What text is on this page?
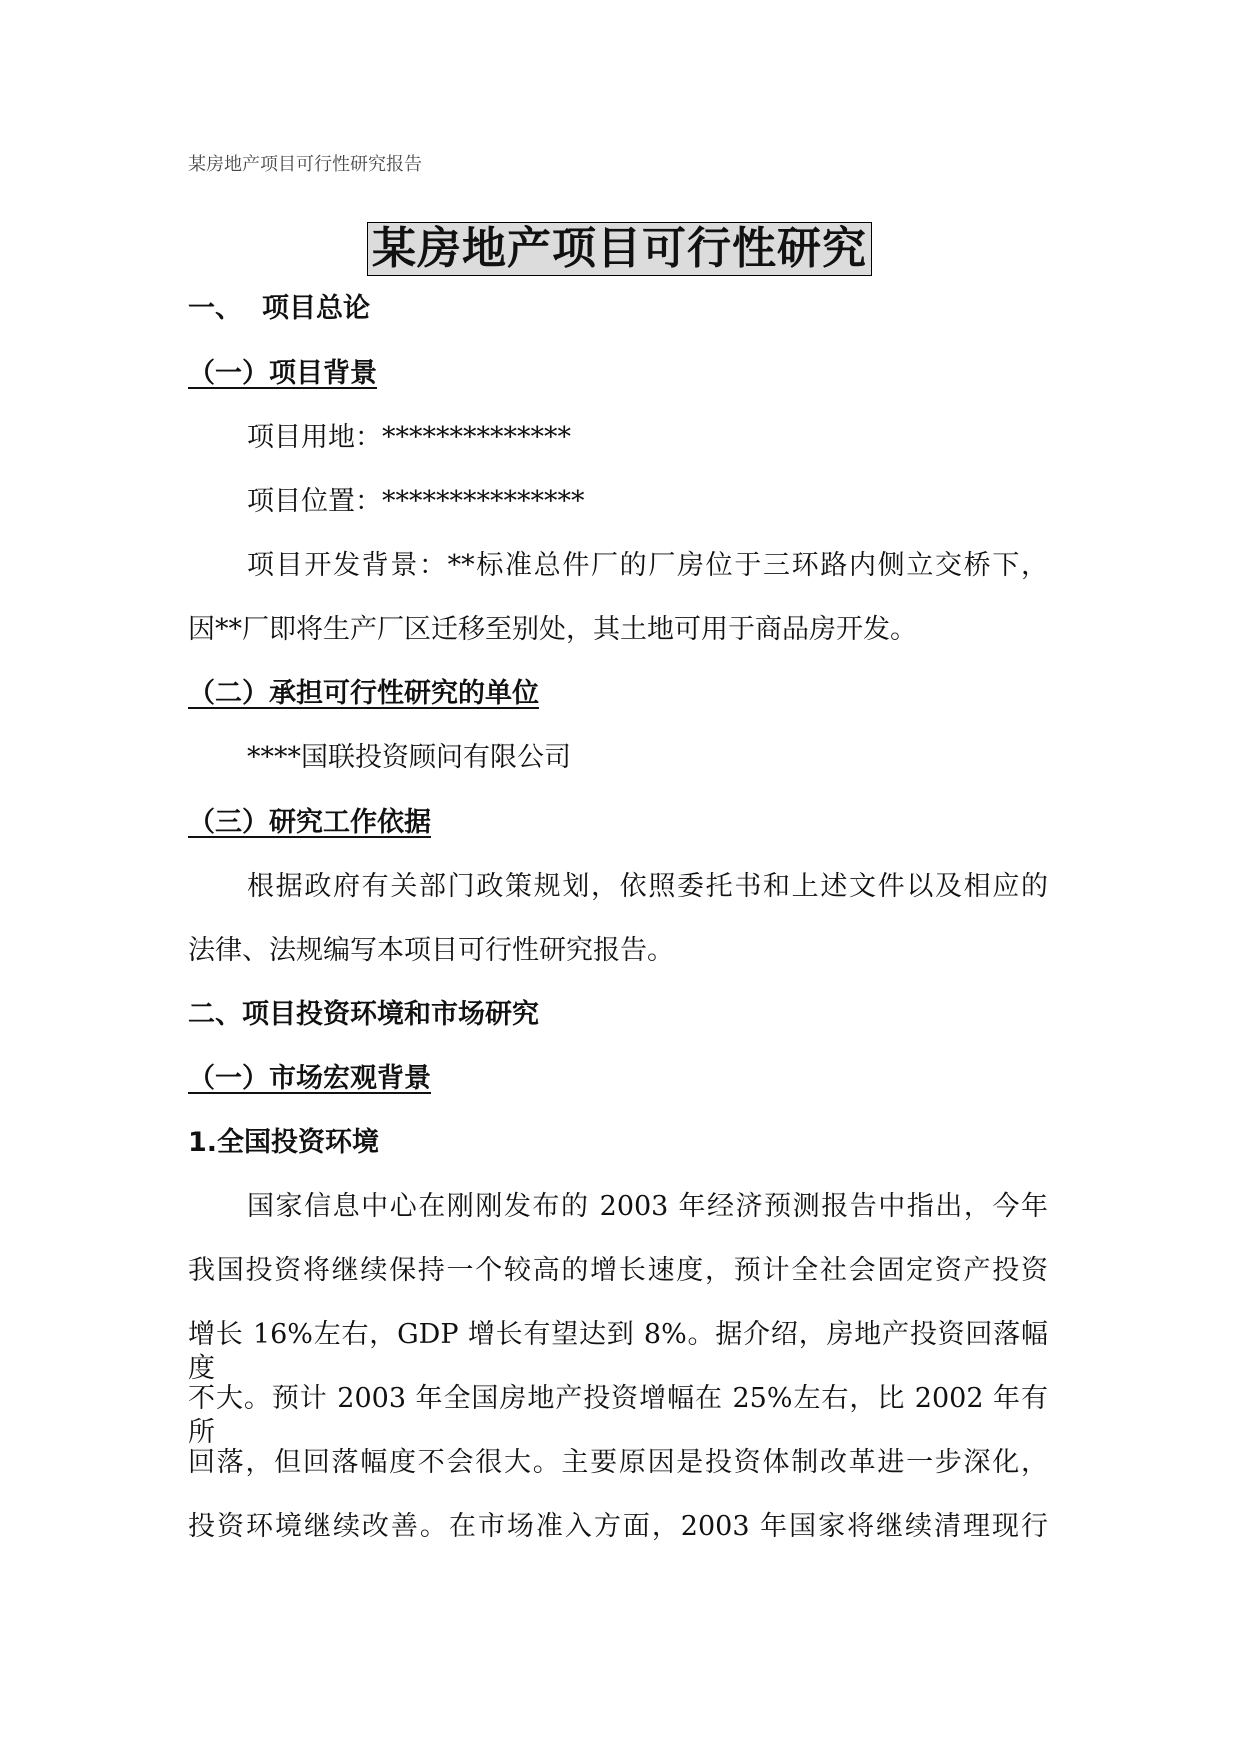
某房地产项目可行性研究报告
某房地产项目可行性研究
一、 项目总论
（一）项目背景
项目用地：**************
项目位置：***************
项目开发背景：**标准总件厂的厂房位于三环路内侧立交桥下，
因**厂即将生产厂区迁移至别处，其土地可用于商品房开发。
（二）承担可行性研究的单位
****国联投资顾问有限公司
（三）研究工作依据
根据政府有关部门政策规划，依照委托书和上述文件以及相应的
法律、法规编写本项目可行性研究报告。
二、项目投资环境和市场研究
（一）市场宏观背景
1.全国投资环境
国家信息中心在刚刚发布的 2003 年经济预测报告中指出，今年
我国投资将继续保持一个较高的增长速度，预计全社会固定资产投资
增长 16%左右，GDP 增长有望达到 8%。据介绍，房地产投资回落幅度
不大。预计 2003 年全国房地产投资增幅在 25%左右，比 2002 年有所
回落，但回落幅度不会很大。主要原因是投资体制改革进一步深化，
投资环境继续改善。在市场准入方面，2003 年国家将继续清理现行
